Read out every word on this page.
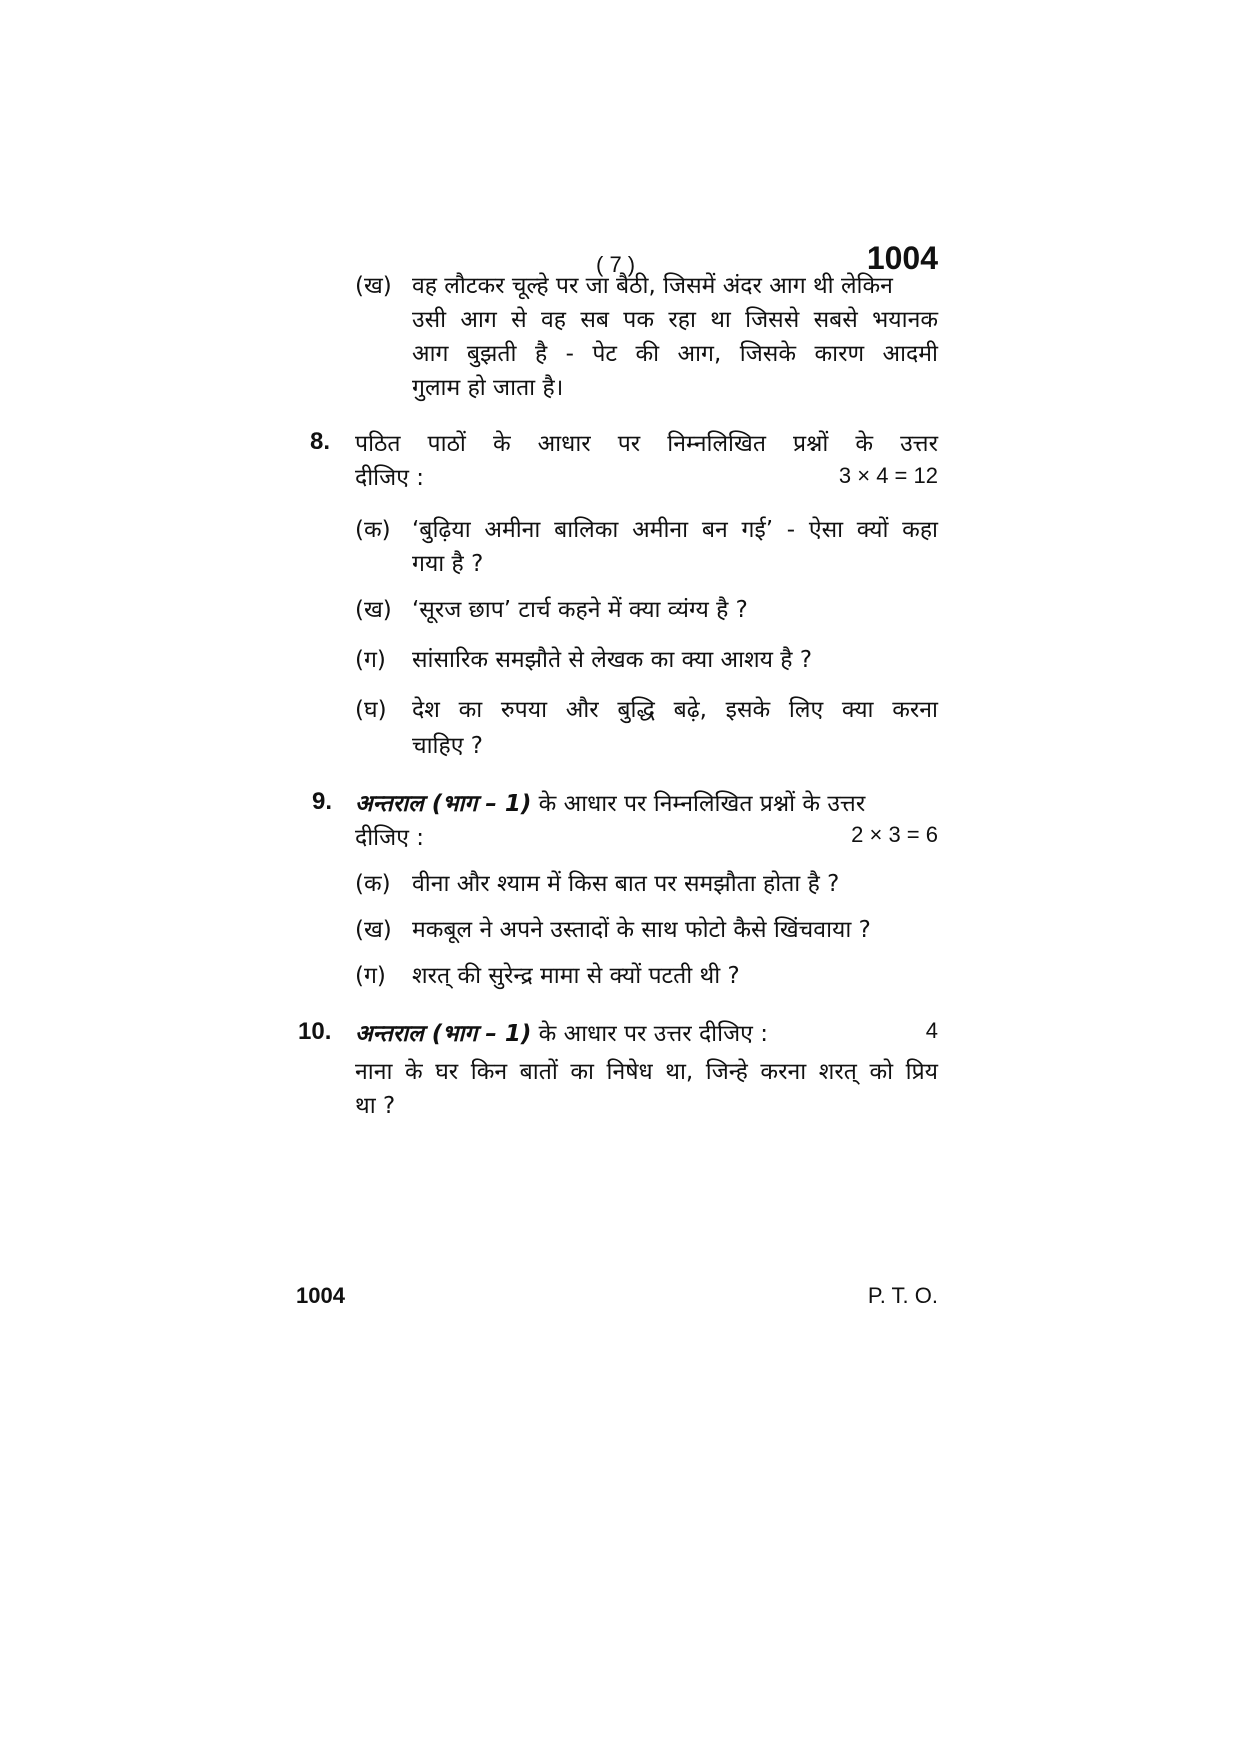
( 7 )	1004
(ख) वह लौटकर चूल्हे पर जा बैठी, जिसमें अंदर आग थी लेकिन
उसी आग से वह सब पक रहा था जिससे सबसे भयानक
आग बुझती है - पेट की आग, जिसके कारण आदमी
गुलाम हो जाता है।
8. पठित पाठों के आधार पर निम्नलिखित प्रश्नों के उत्तर
दीजिए :	3 × 4 = 12
(क) ‘बुढ़िया अमीना बालिका अमीना बन गई’ - ऐसा क्यों कहा
गया है ?
(ख) ‘सूरज छाप’ टार्च कहने में क्या व्यंग्य है ?
(ग) सांसारिक समझौते से लेखक का क्या आशय है ?
(घ) देश का रुपया और बुद्धि बढ़े, इसके लिए क्या करना
चाहिए ?
9. अन्तराल (भाग – 1) के आधार पर निम्नलिखित प्रश्नों के उत्तर
दीजिए :	2 × 3 = 6
(क) वीना और श्याम में किस बात पर समझौता होता है ?
(ख) मकबूल ने अपने उस्तादों के साथ फोटो कैसे खिंचवाया ?
(ग) शरत् की सुरेन्द्र मामा से क्यों पटती थी ?
10. अन्तराल (भाग – 1) के आधार पर उत्तर दीजिए :	4
नाना के घर किन बातों का निषेध था, जिन्हे करना शरत् को प्रिय
था ?
1004	P. T. O.
